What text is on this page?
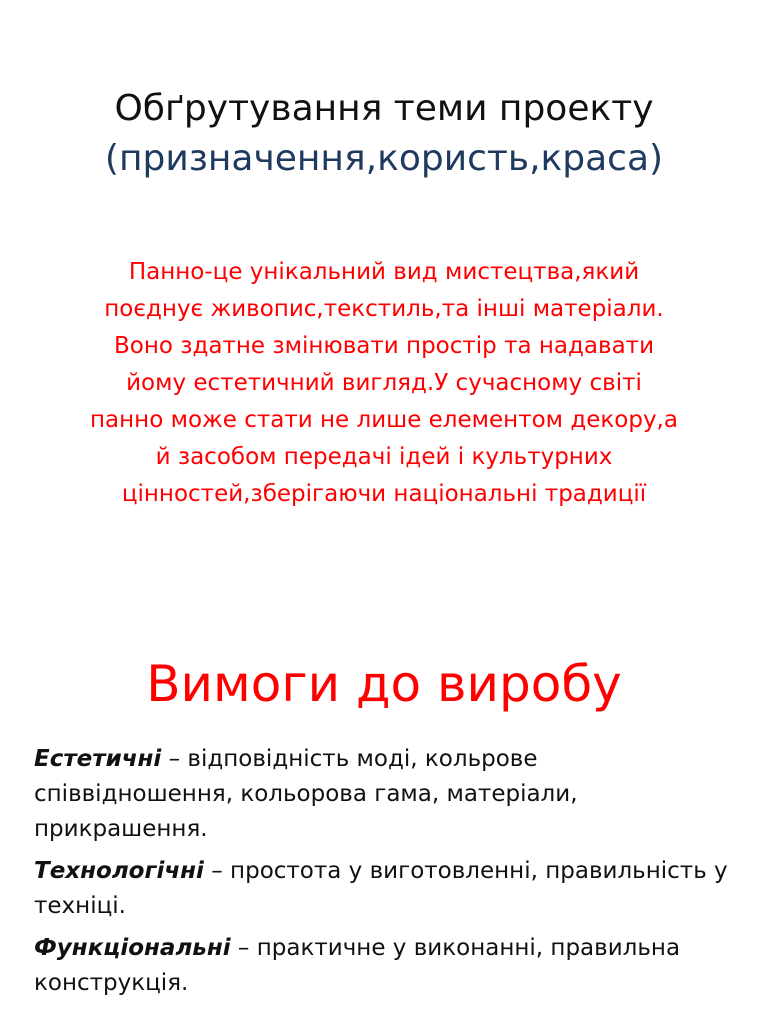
Обґрутування теми проекту
(призначення,користь,краса)

Панно-це унікальний вид мистецтва,який
поєднує живопис,текстиль,та інші матеріали.
Воно здатне змінювати простір та надавати
йому естетичний вигляд.У сучасному світі
панно може стати не лише елементом декору,а
й засобом передачі ідей і культурних
цінностей,зберігаючи національні традиції

Вимоги до виробу
Естетичні – відповідність моді, кольрове
співвідношення, кольорова гама, матеріали,
прикрашення.
Технологічні – простота у виготовленні, правильність у
техніці.
Функціональні – практичне у виконанні, правильна
конструкція.
